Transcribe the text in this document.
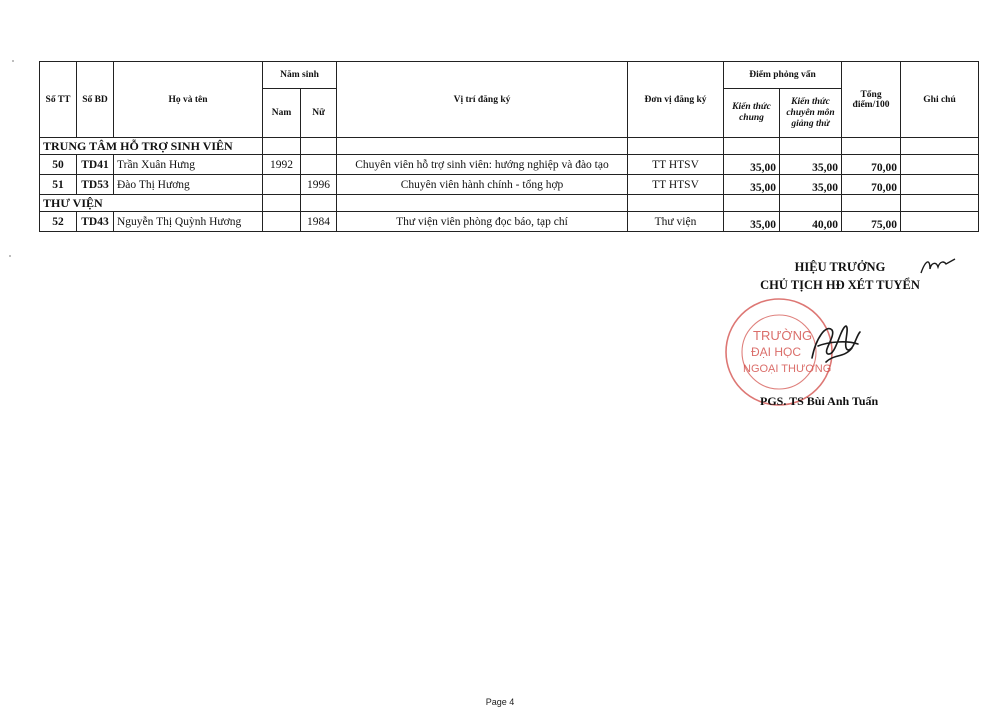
Số TT	Số BD	Họ và tên	Năm sinh		Vị trí đăng ký	Đơn vị đăng ký	Điểm phỏng vấn		Tổng điểm/100	Ghi chú
			Nam	Nữ			Kiến thức chung	Kiến thức chuyên môn giảng thử		
TRUNG TÂM HỖ TRỢ SINH VIÊN										
50	TD41	Trần Xuân Hưng	1992		Chuyên viên hỗ trợ sinh viên: hướng nghiệp và đào tạo	TT HTSV	35,00	35,00	70,00	
51	TD53	Đào Thị Hương		1996	Chuyên viên hành chính - tổng hợp	TT HTSV	35,00	35,00	70,00	
THƯ VIỆN										
52	TD43	Nguyễn Thị Quỳnh Hương		1984	Thư viện viên phòng đọc báo, tạp chí	Thư viện	35,00	40,00	75,00	
HIỆU TRƯỞNG
CHỦ TỊCH HĐ XÉT TUYỂN
TRƯỜNG
ĐẠI HỌC
NGOẠI THƯƠNG
PGS. TS Bùi Anh Tuấn
Page 4
